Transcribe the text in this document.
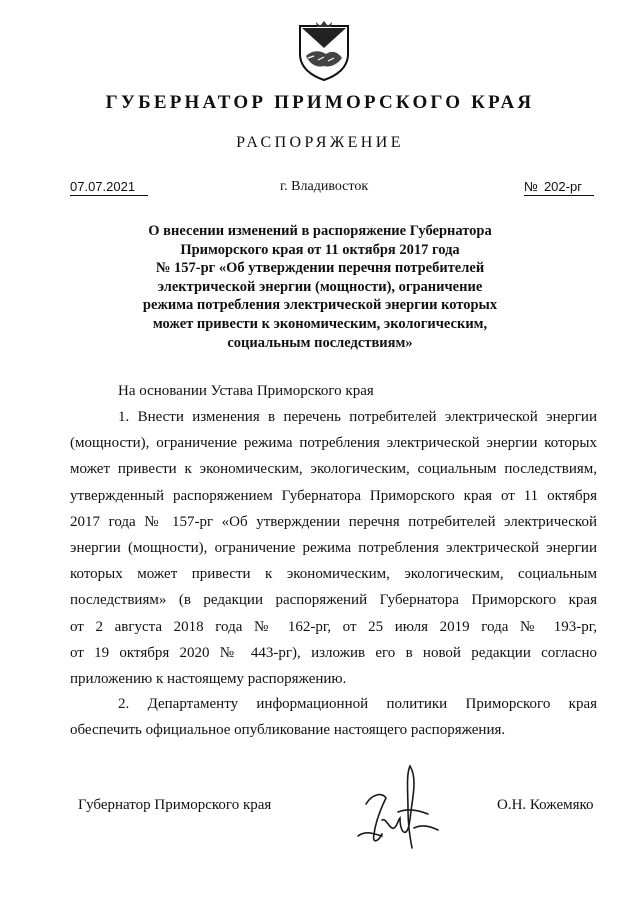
ГУБЕРНАТОР ПРИМОРСКОГО КРАЯ
РАСПОРЯЖЕНИЕ
07.07.2021	г. Владивосток	№ 202-рг
О внесении изменений в распоряжение Губернатора
Приморского края от 11 октября 2017 года
№ 157-рг «Об утверждении перечня потребителей
электрической энергии (мощности), ограничение
режима потребления электрической энергии которых
может привести к экономическим, экологическим,
социальным последствиям»
На основании Устава Приморского края
1. Внести изменения в перечень потребителей электрической энергии
(мощности), ограничение режима потребления электрической энергии которых
может привести к экономическим, экологическим, социальным последствиям,
утвержденный распоряжением Губернатора Приморского края от 11 октября
2017 года № 157-рг «Об утверждении перечня потребителей электрической
энергии (мощности), ограничение режима потребления электрической энергии
которых может привести к экономическим, экологическим, социальным
последствиям» (в редакции распоряжений Губернатора Приморского края
от 2 августа 2018 года № 162-рг, от 25 июля 2019 года № 193-рг,
от 19 октября 2020 № 443-рг), изложив его в новой редакции согласно
приложению к настоящему распоряжению.
2. Департаменту информационной политики Приморского края
обеспечить официальное опубликование настоящего распоряжения.
Губернатор Приморского края	О.Н. Кожемяко
